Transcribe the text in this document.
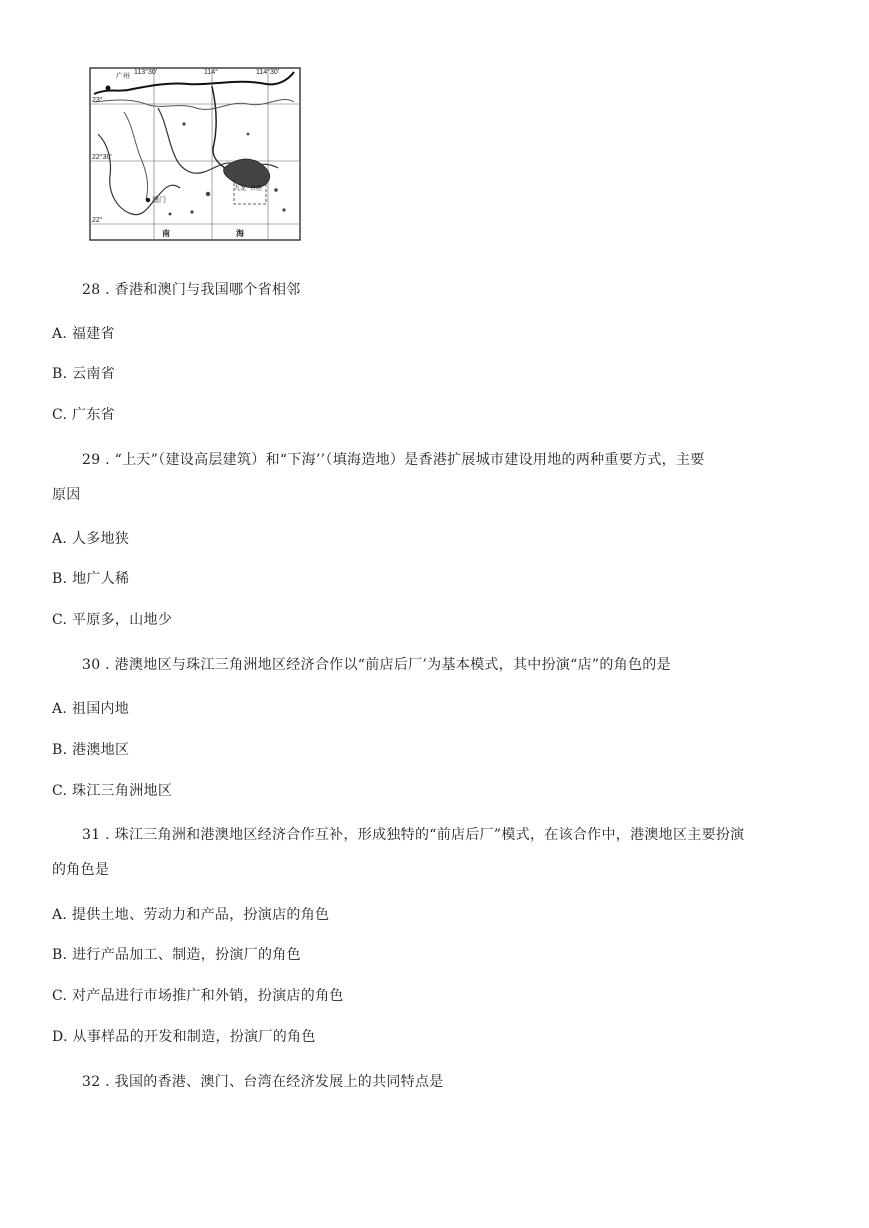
广州
113°30'	114°	114°30'
23°
22°30'
22°
澳门
九龙 香港
南	海
28 . 香港和澳门与我国哪个省相邻
A. 福建省
B. 云南省
C. 广东省
29 . “上天”（建设高层建筑）和“下海’’（填海造地）是香港扩展城市建设用地的两种重要方式，主要
原因
A. 人多地狭
B. 地广人稀
C. 平原多，山地少
30 . 港澳地区与珠江三角洲地区经济合作以“前店后厂’为基本模式，其中扮演“店”的角色的是
A. 祖国内地
B. 港澳地区
C. 珠江三角洲地区
31 . 珠江三角洲和港澳地区经济合作互补，形成独特的“前店后厂”模式，在该合作中，港澳地区主要扮演
的角色是
A. 提供土地、劳动力和产品，扮演店的角色
B. 进行产品加工、制造，扮演厂的角色
C. 对产品进行市场推广和外销，扮演店的角色
D. 从事样品的开发和制造，扮演厂的角色
32 . 我国的香港、澳门、台湾在经济发展上的共同特点是
